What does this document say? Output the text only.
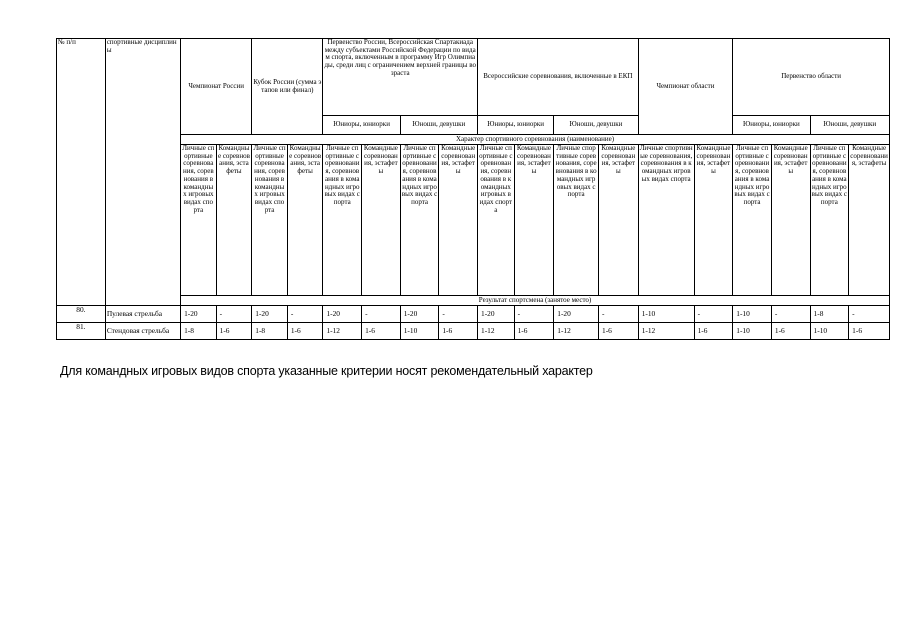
№ п/п	спортивные дисциплины	Чемпионат России		Кубок России (сумма этапов или финал)		Первенство России, Всероссийская Спартакиада между субъектами Российской Федерации по видам спорта, включенным в программу Игр Олимпиады, среди лиц с ограничением верхней границы возраста				Всероссийские соревнования, включенные в ЕКП				Чемпионат области		Первенство области			
						Юниоры, юниорки		Юноши, девушки		Юниоры, юниорки		Юноши, девушки				Юниоры, юниорки		Юноши, девушки	
		Характер спортивного соревнования (наименование)																	
		Личные спортивные соревнования, соревнования в командных игровых видах спорта	Командные соревнования, эстафеты	Личные спортивные соревнования, соревнования в командных игровых видах спорта	Командные соревнования, эстафеты	Личные спортивные соревнования, соревнования в командных игровых видах спорта	Командные соревнования, эстафеты	Личные спортивные соревнования, соревнования в командных игровых видах спорта	Командные соревнования, эстафеты	Личные спортивные соревнования, соревнования в командных игровых видах спорта	Командные соревнования, эстафеты	Личные спортивные соревнования, соревнования в командных игровых видах спорта	Командные соревнования, эстафеты	Личные спортивные соревнования, соревнования в командных игровых видах спорта	Командные соревнования, эстафеты	Личные спортивные соревнования, соревнования в командных игровых видах спорта	Командные соревнования, эстафеты	Личные спортивные соревнования, соревнования в командных игровых видах спорта	Командные соревнования, эстафеты
		Результат спортсмена (занятое место)																	
80.	Пулевая стрельба	1-20	-	1-20	-	1-20	-	1-20	-	1-20	-	1-20	-	1-10	-	1-10	-	1-8	-
81.	Стендовая стрельба	1-8	1-6	1-8	1-6	1-12	1-6	1-10	1-6	1-12	1-6	1-12	1-6	1-12	1-6	1-10	1-6	1-10	1-6
Для командных игровых видов спорта указанные критерии носят рекомендательный характер
